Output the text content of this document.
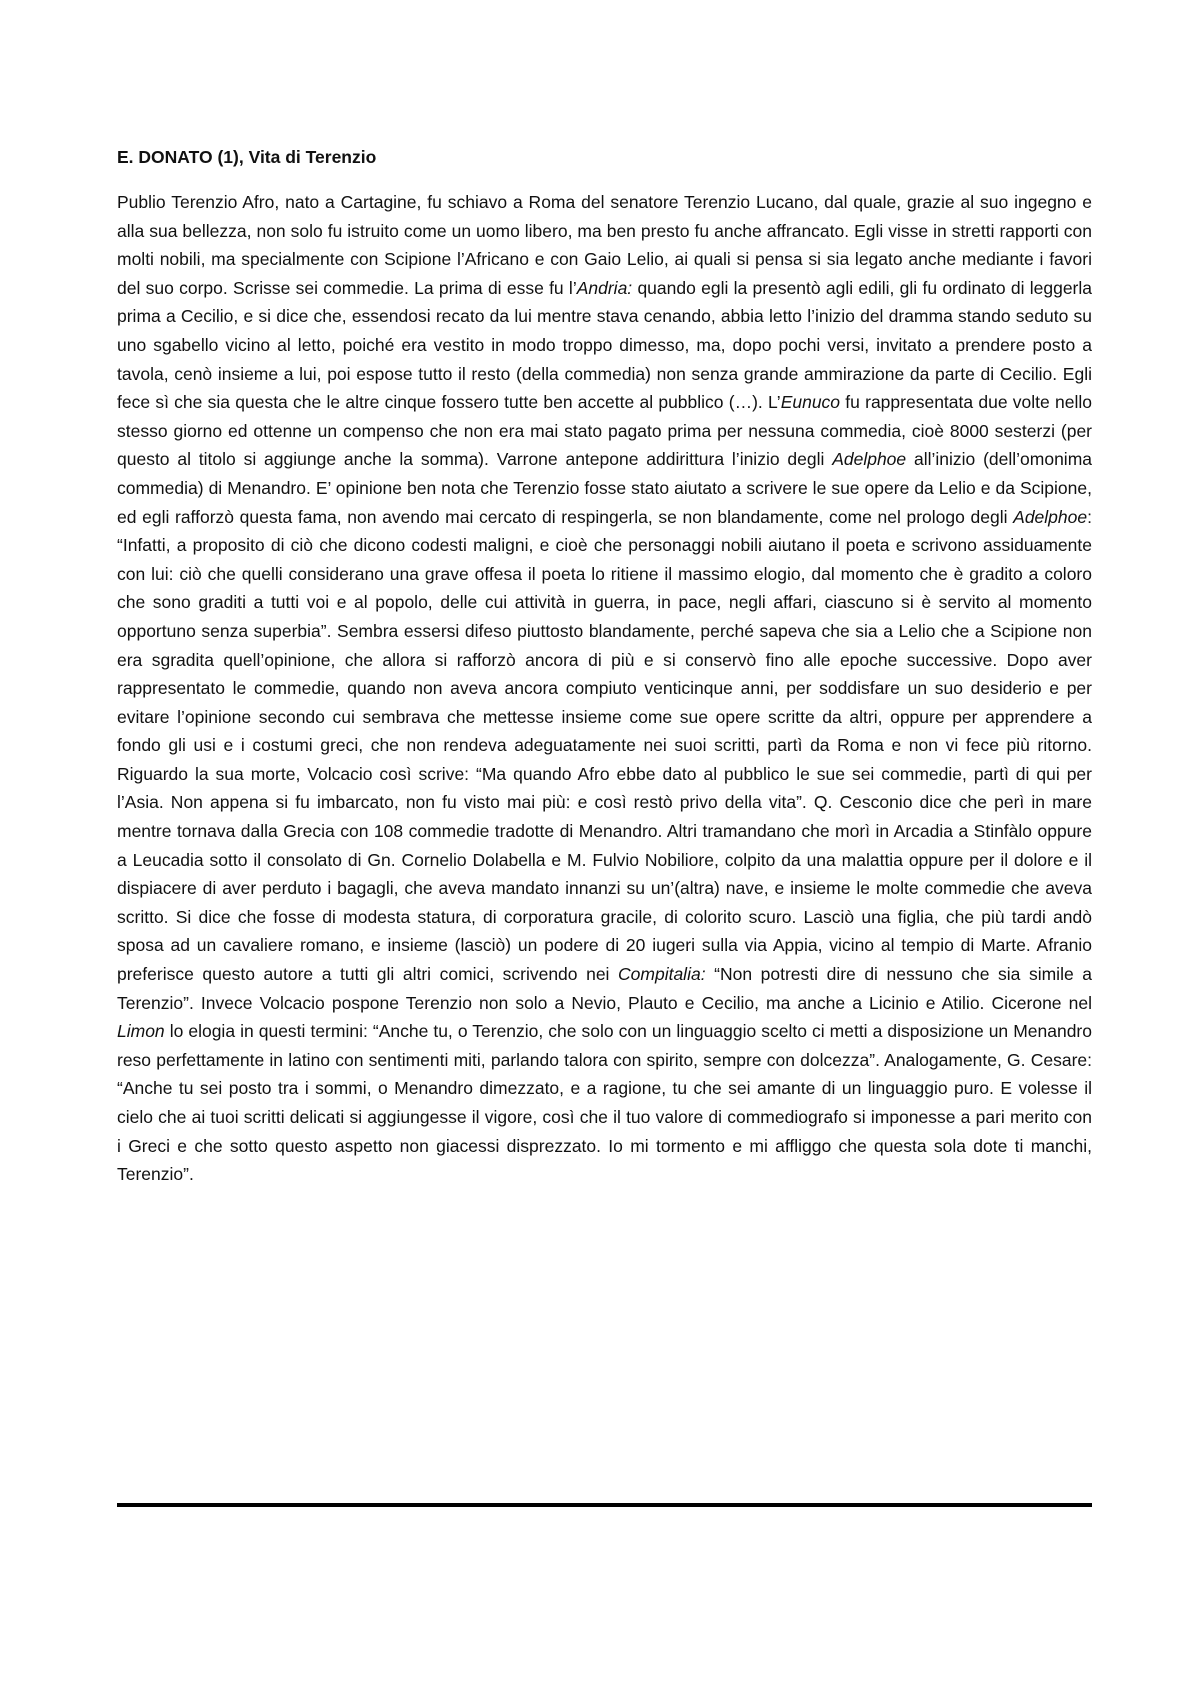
E. DONATO (1), Vita di Terenzio

Publio Terenzio Afro, nato a Cartagine, fu schiavo a Roma del senatore Terenzio Lucano, dal quale, grazie al suo ingegno e alla sua bellezza, non solo fu istruito come un uomo libero, ma ben presto fu anche affrancato. Egli visse in stretti rapporti con molti nobili, ma specialmente con Scipione l’Africano e con Gaio Lelio, ai quali si pensa si sia legato anche mediante i favori del suo corpo. Scrisse sei commedie. La prima di esse fu l’Andria: quando egli la presentò agli edili, gli fu ordinato di leggerla prima a Cecilio, e si dice che, essendosi recato da lui mentre stava cenando, abbia letto l’inizio del dramma stando seduto su uno sgabello vicino al letto, poiché era vestito in modo troppo dimesso, ma, dopo pochi versi, invitato a prendere posto a tavola, cenò insieme a lui, poi espose tutto il resto (della commedia) non senza grande ammirazione da parte di Cecilio. Egli fece sì che sia questa che le altre cinque fossero tutte ben accette al pubblico (…). L’Eunuco fu rappresentata due volte nello stesso giorno ed ottenne un compenso che non era mai stato pagato prima per nessuna commedia, cioè 8000 sesterzi (per questo al titolo si aggiunge anche la somma). Varrone antepone addirittura l’inizio degli Adelphoe all’inizio (dell’omonima commedia) di Menandro. E’ opinione ben nota che Terenzio fosse stato aiutato a scrivere le sue opere da Lelio e da Scipione, ed egli rafforzò questa fama, non avendo mai cercato di respingerla, se non blandamente, come nel prologo degli Adelphoe: “Infatti, a proposito di ciò che dicono codesti maligni, e cioè che personaggi nobili aiutano il poeta e scrivono assiduamente con lui: ciò che quelli considerano una grave offesa il poeta lo ritiene il massimo elogio, dal momento che è gradito a coloro che sono graditi a tutti voi e al popolo, delle cui attività in guerra, in pace, negli affari, ciascuno si è servito al momento opportuno senza superbia”. Sembra essersi difeso piuttosto blandamente, perché sapeva che sia a Lelio che a Scipione non era sgradita quell’opinione, che allora si rafforzò ancora di più e si conservò fino alle epoche successive. Dopo aver rappresentato le commedie, quando non aveva ancora compiuto venticinque anni, per soddisfare un suo desiderio e per evitare l’opinione secondo cui sembrava che mettesse insieme come sue opere scritte da altri, oppure per apprendere a fondo gli usi e i costumi greci, che non rendeva adeguatamente nei suoi scritti, partì da Roma e non vi fece più ritorno. Riguardo la sua morte, Volcacio così scrive: “Ma quando Afro ebbe dato al pubblico le sue sei commedie, partì di qui per l’Asia. Non appena si fu imbarcato, non fu visto mai più: e così restò privo della vita”. Q. Cesconio dice che perì in mare mentre tornava dalla Grecia con 108 commedie tradotte di Menandro. Altri tramandano che morì in Arcadia a Stinfàlo oppure a Leucadia sotto il consolato di Gn. Cornelio Dolabella e M. Fulvio Nobiliore, colpito da una malattia oppure per il dolore e il dispiacere di aver perduto i bagagli, che aveva mandato innanzi su un’(altra) nave, e insieme le molte commedie che aveva scritto. Si dice che fosse di modesta statura, di corporatura gracile, di colorito scuro. Lasciò una figlia, che più tardi andò sposa ad un cavaliere romano, e insieme (lasciò) un podere di 20 iugeri sulla via Appia, vicino al tempio di Marte. Afranio preferisce questo autore a tutti gli altri comici, scrivendo nei Compitalia: “Non potresti dire di nessuno che sia simile a Terenzio”. Invece Volcacio pospone Terenzio non solo a Nevio, Plauto e Cecilio, ma anche a Licinio e Atilio. Cicerone nel Limon lo elogia in questi termini: “Anche tu, o Terenzio, che solo con un linguaggio scelto ci metti a disposizione un Menandro reso perfettamente in latino con sentimenti miti, parlando talora con spirito, sempre con dolcezza”. Analogamente, G. Cesare: “Anche tu sei posto tra i sommi, o Menandro dimezzato, e a ragione, tu che sei amante di un linguaggio puro. E volesse il cielo che ai tuoi scritti delicati si aggiungesse il vigore, così che il tuo valore di commediografo si imponesse a pari merito con i Greci e che sotto questo aspetto non giacessi disprezzato. Io mi tormento e mi affliggo che questa sola dote ti manchi, Terenzio”.
